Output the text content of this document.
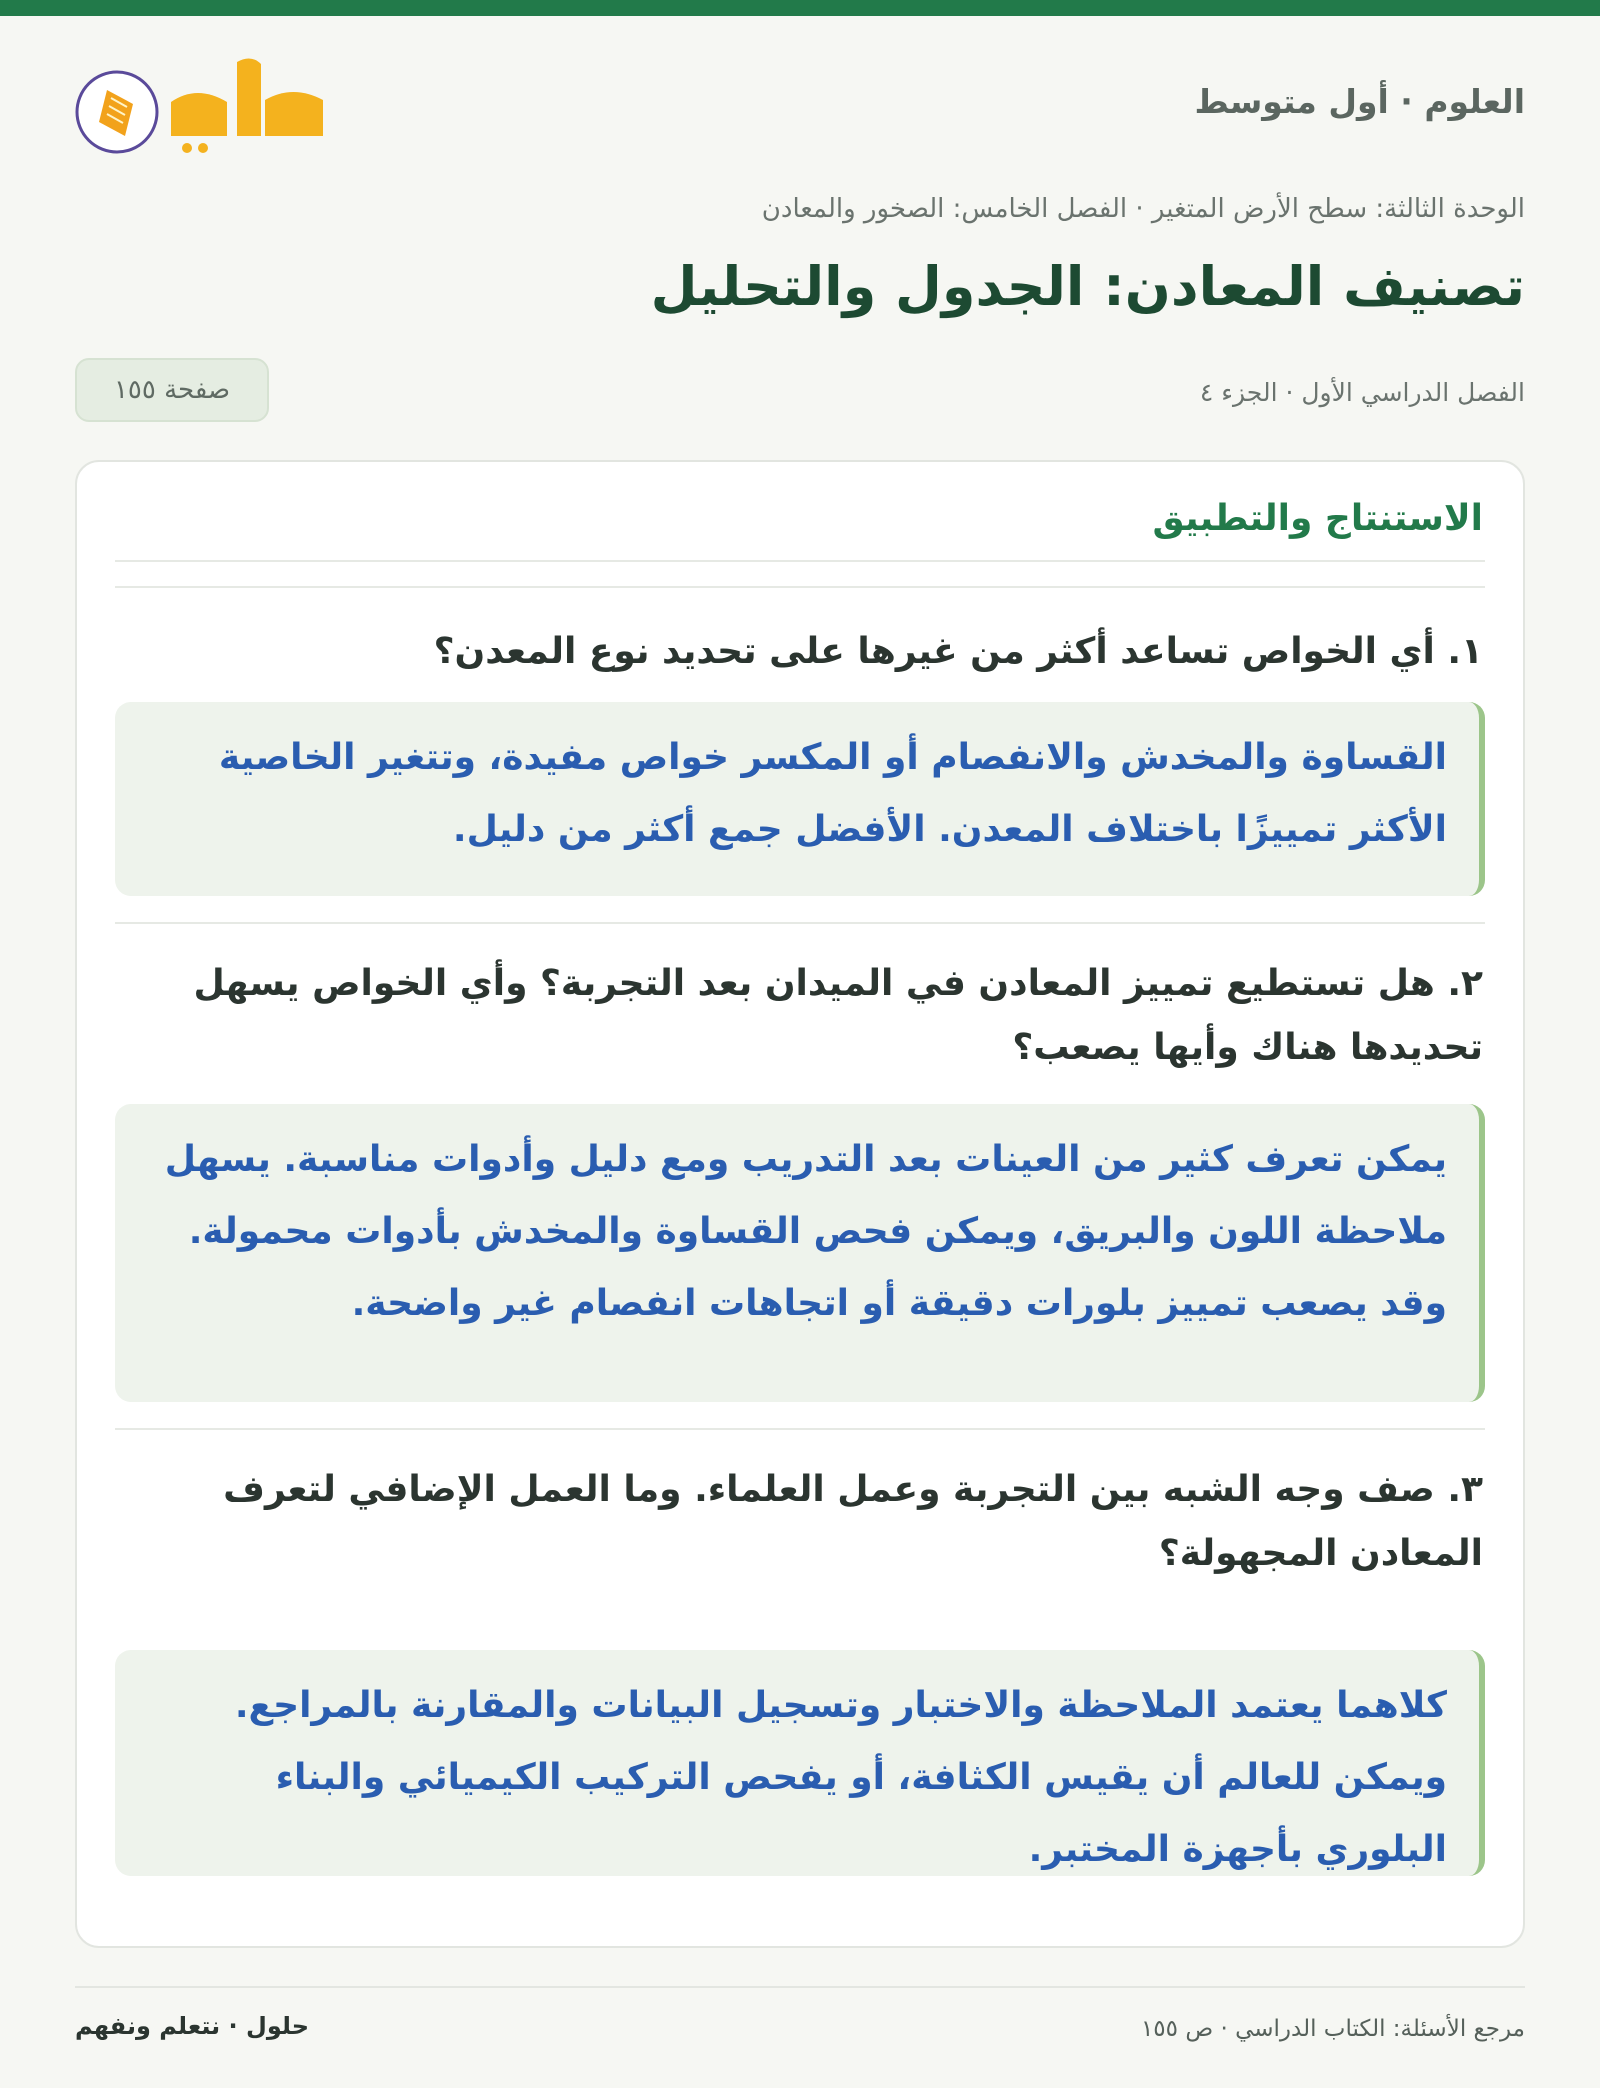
العلوم · أول متوسط
الوحدة الثالثة: سطح الأرض المتغير · الفصل الخامس: الصخور والمعادن
تصنيف المعادن: الجدول والتحليل
الفصل الدراسي الأول · الجزء ٤
صفحة ١٥٥
الاستنتاج والتطبيق
١. أي الخواص تساعد أكثر من غيرها على تحديد نوع المعدن؟
القساوة والمخدش والانفصام أو المكسر خواص مفيدة، وتتغير الخاصية الأكثر تمييزًا باختلاف المعدن. الأفضل جمع أكثر من دليل.
٢. هل تستطيع تمييز المعادن في الميدان بعد التجربة؟ وأي الخواص يسهل تحديدها هناك وأيها يصعب؟
يمكن تعرف كثير من العينات بعد التدريب ومع دليل وأدوات مناسبة. يسهل ملاحظة اللون والبريق، ويمكن فحص القساوة والمخدش بأدوات محمولة. وقد يصعب تمييز بلورات دقيقة أو اتجاهات انفصام غير واضحة.
٣. صف وجه الشبه بين التجربة وعمل العلماء. وما العمل الإضافي لتعرف المعادن المجهولة؟
كلاهما يعتمد الملاحظة والاختبار وتسجيل البيانات والمقارنة بالمراجع. ويمكن للعالم أن يقيس الكثافة، أو يفحص التركيب الكيميائي والبناء البلوري بأجهزة المختبر.
مرجع الأسئلة: الكتاب الدراسي · ص ١٥٥
حلول · نتعلم ونفهم
